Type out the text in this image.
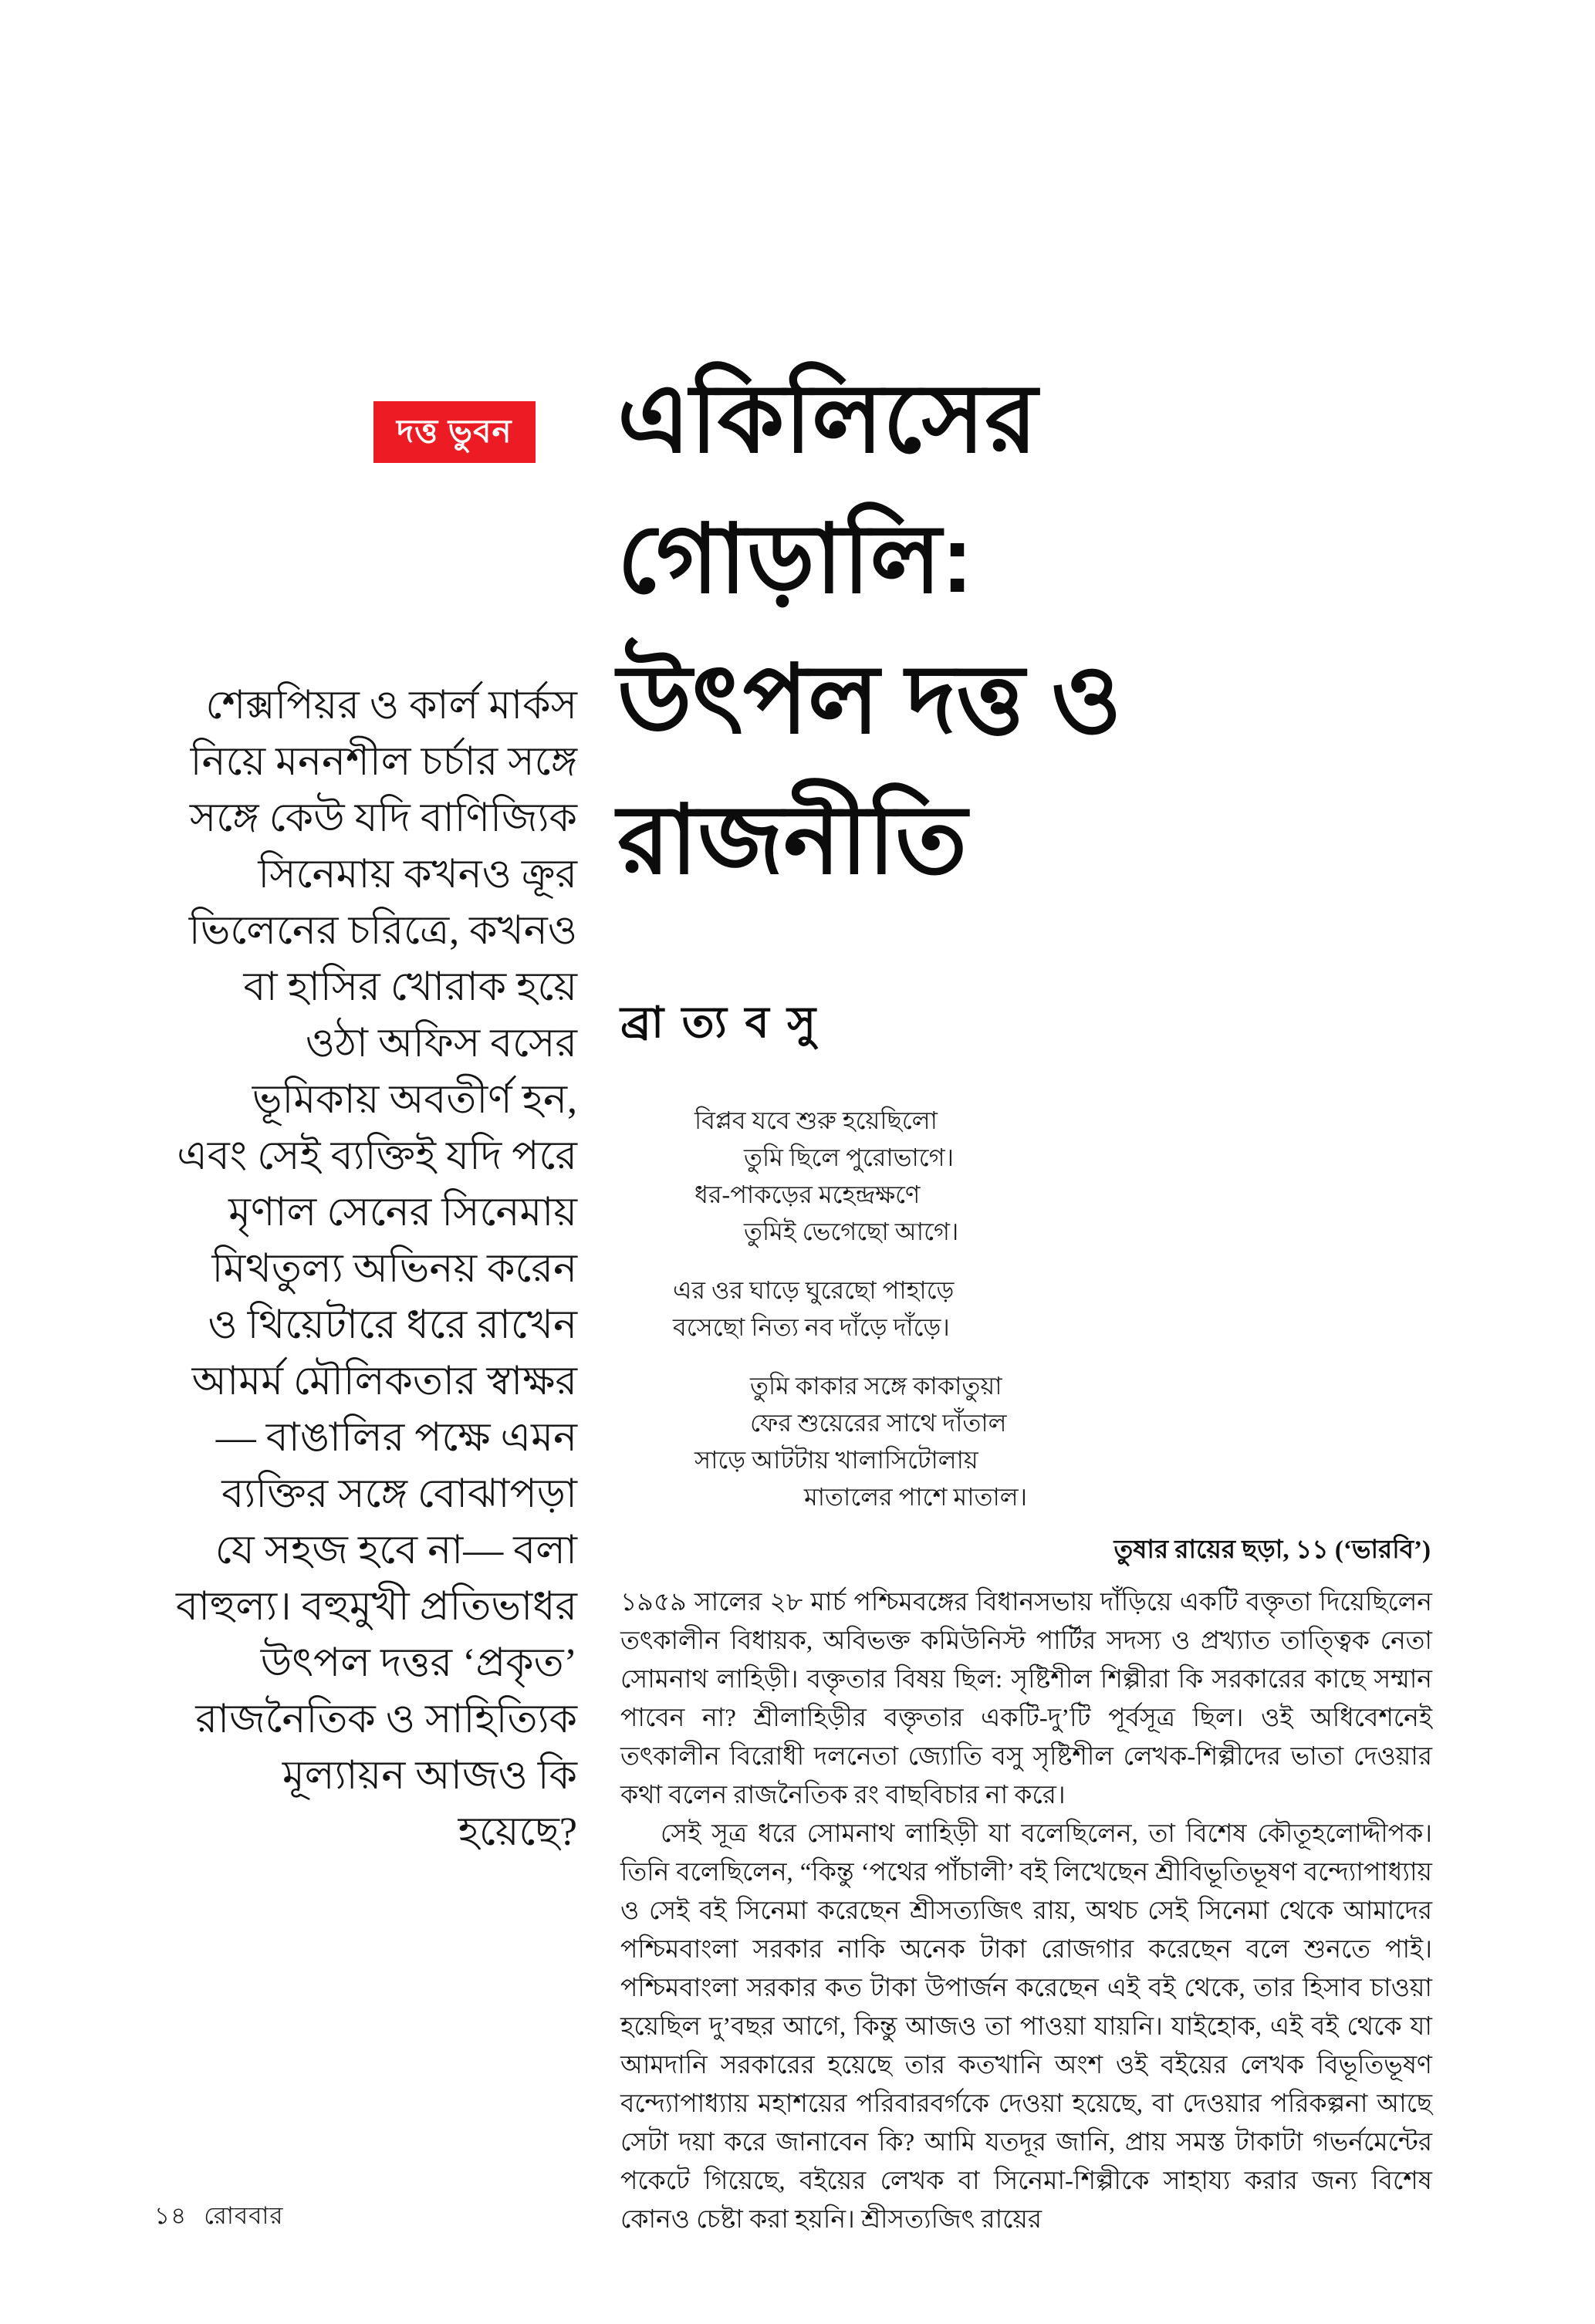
দত্ত ভুবন একিলিসের
গোড়ালি:
উৎপল দত্ত ও
রাজনীতি
ব্রা ত্য ব সু
শেক্সপিয়র ও কার্ল মার্কস নিয়ে মননশীল চর্চার সঙ্গে সঙ্গে কেউ যদি বাণিজ্যিক সিনেমায় কখনও ক্রূর ভিলেনের চরিত্রে, কখনও বা হাসির খোরাক হয়ে ওঠা অফিস বসের ভূমিকায় অবতীর্ণ হন, এবং সেই ব্যক্তিই যদি পরে মৃণাল সেনের সিনেমায় মিথতুল্য অভিনয় করেন ও থিয়েটারে ধরে রাখেন আমর্ম মৌলিকতার স্বাক্ষর— বাঙালির পক্ষে এমন ব্যক্তির সঙ্গে বোঝাপড়া যে সহজ হবে না— বলা বাহুল্য। বহুমুখী প্রতিভাধর উৎপল দত্তর ‘প্রকৃত’ রাজনৈতিক ও সাহিত্যিক মূল্যায়ন আজও কি হয়েছে?
বিপ্লব যবে শুরু হয়েছিলো
তুমি ছিলে পুরোভাগে।
ধর-পাকড়ের মহেন্দ্রক্ষণে
তুমিই ভেগেছো আগে।
এর ওর ঘাড়ে ঘুরেছো পাহাড়ে
বসেছো নিত্য নব দাঁড়ে দাঁড়ে।
তুমি কাকার সঙ্গে কাকাতুয়া
ফের শুয়েরের সাথে দাঁতাল
সাড়ে আটটায় খালাসিটোলায়
মাতালের পাশে মাতাল।
তুষার রায়ের ছড়া, ১১ (‘ভারবি’)

১৯৫৯ সালের ২৮ মার্চ পশ্চিমবঙ্গের বিধানসভায় দাঁড়িয়ে একটি বক্তৃতা দিয়েছিলেন তৎকালীন বিধায়ক, অবিভক্ত কমিউনিস্ট পার্টির সদস্য ও প্রখ্যাত তাত্ত্বিক নেতা সোমনাথ লাহিড়ী। বক্তৃতার বিষয় ছিল: সৃষ্টিশীল শিল্পীরা কি সরকারের কাছে সম্মান পাবেন না? শ্রীলাহিড়ীর বক্তৃতার একটি-দু’টি পূর্বসূত্র ছিল। ওই অধিবেশনেই তৎকালীন বিরোধী দলনেতা জ্যোতি বসু সৃষ্টিশীল লেখক-শিল্পীদের ভাতা দেওয়ার কথা বলেন রাজনৈতিক রং বাছবিচার না করে।

সেই সূত্র ধরে সোমনাথ লাহিড়ী যা বলেছিলেন, তা বিশেষ কৌতূহলোদ্দীপক। তিনি বলেছিলেন, “কিন্তু ‘পথের পাঁচালী’ বই লিখেছেন শ্রীবিভূতিভূষণ বন্দ্যোপাধ্যায় ও সেই বই সিনেমা করেছেন শ্রীসত্যজিৎ রায়, অথচ সেই সিনেমা থেকে আমাদের পশ্চিমবাংলা সরকার নাকি অনেক টাকা রোজগার করেছেন বলে শুনতে পাই। পশ্চিমবাংলা সরকার কত টাকা উপার্জন করেছেন এই বই থেকে, তার হিসাব চাওয়া হয়েছিল দু’বছর আগে, কিন্তু আজও তা পাওয়া যায়নি। যাইহোক, এই বই থেকে যা আমদানি সরকারের হয়েছে তার কতখানি অংশ ওই বইয়ের লেখক বিভূতিভূষণ বন্দ্যোপাধ্যায় মহাশয়ের পরিবারবর্গকে দেওয়া হয়েছে, বা দেওয়ার পরিকল্পনা আছে সেটা দয়া করে জানাবেন কি? আমি যতদূর জানি, প্রায় সমস্ত টাকাটা গভর্নমেন্টের পকেটে গিয়েছে, বইয়ের লেখক বা সিনেমা-শিল্পীকে সাহায্য করার জন্য বিশেষ কোনও চেষ্টা করা হয়নি। শ্রীসত্যজিৎ রায়ের

১৪ রোববার
